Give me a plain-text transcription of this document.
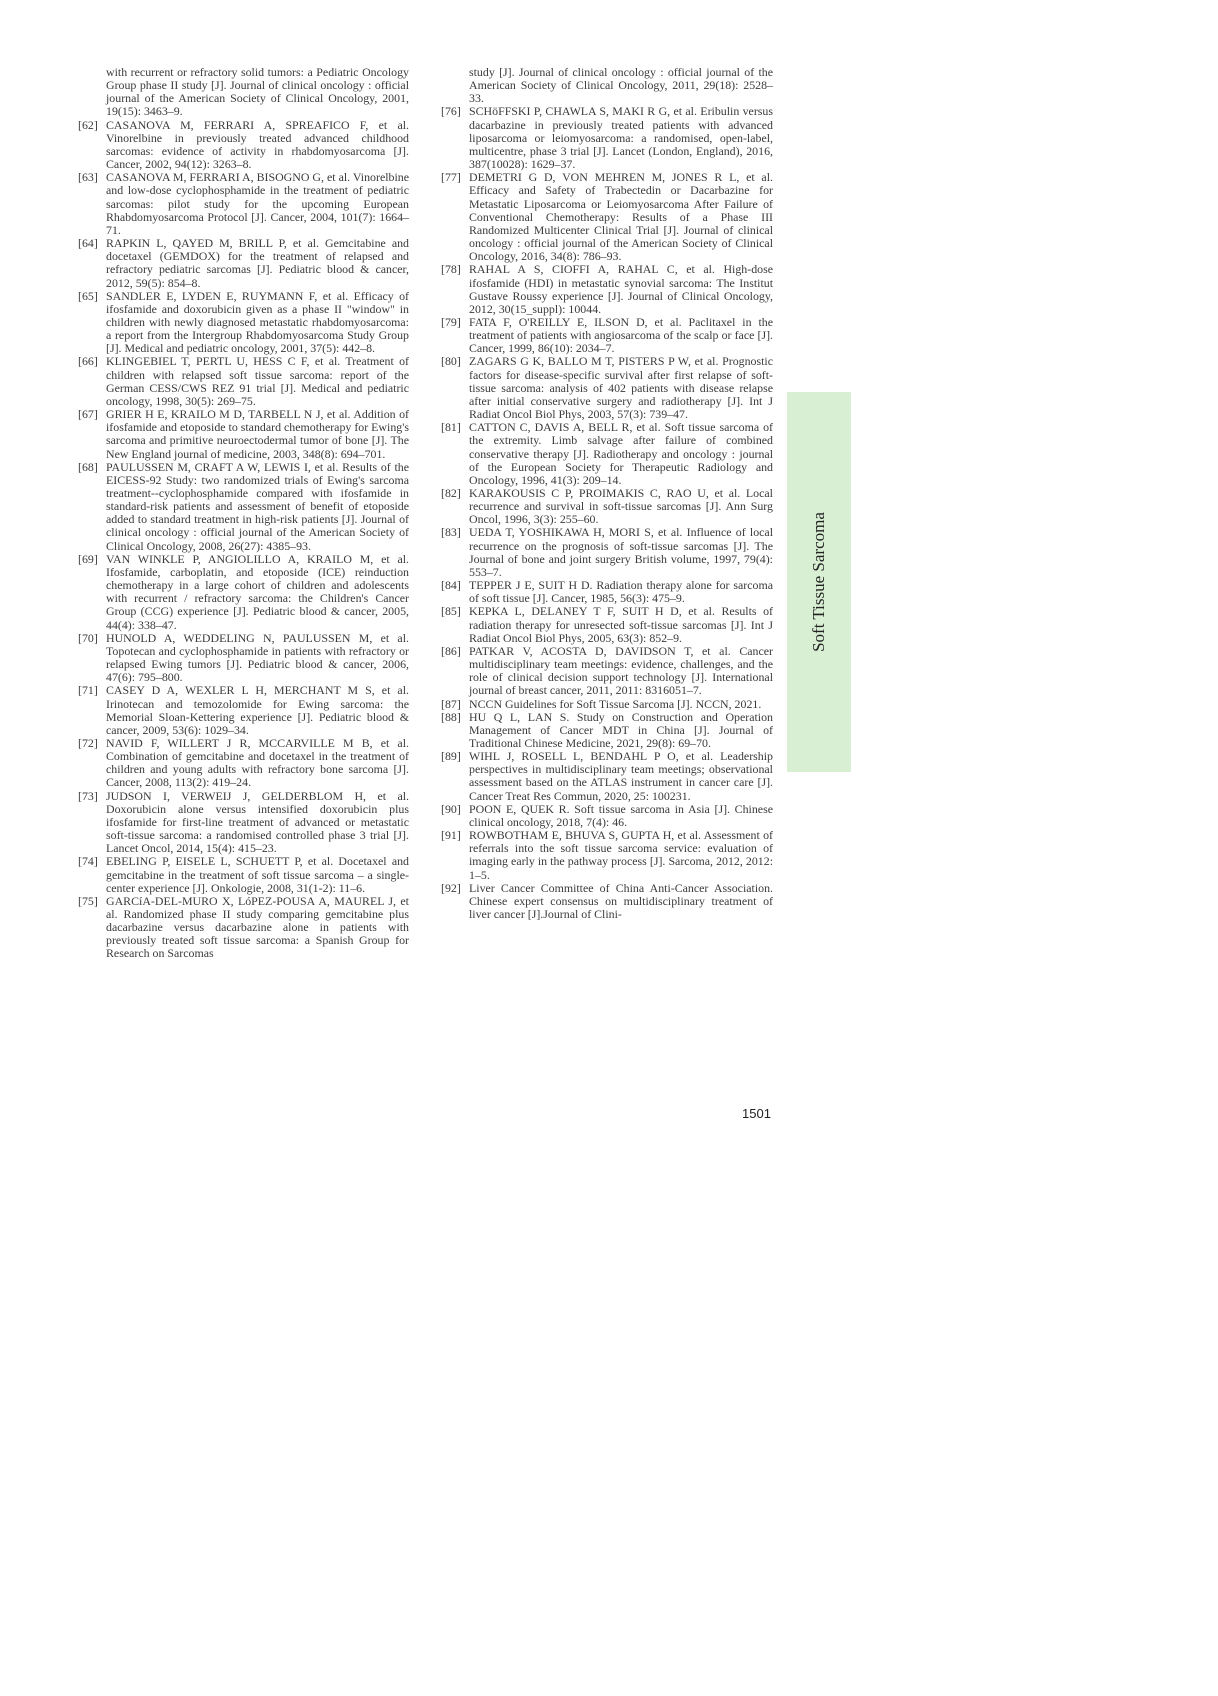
with recurrent or refractory solid tumors: a Pediatric Oncology Group phase II study [J]. Journal of clinical oncology : official journal of the American Society of Clinical Oncology, 2001, 19(15): 3463–9.
[62] CASANOVA M, FERRARI A, SPREAFICO F, et al. Vinorelbine in previously treated advanced childhood sarcomas: evidence of activity in rhabdomyosarcoma [J]. Cancer, 2002, 94(12): 3263–8.
[63] CASANOVA M, FERRARI A, BISOGNO G, et al. Vinorelbine and low-dose cyclophosphamide in the treatment of pediatric sarcomas: pilot study for the upcoming European Rhabdomyosarcoma Protocol [J]. Cancer, 2004, 101(7): 1664–71.
[64] RAPKIN L, QAYED M, BRILL P, et al. Gemcitabine and docetaxel (GEMDOX) for the treatment of relapsed and refractory pediatric sarcomas [J]. Pediatric blood & cancer, 2012, 59(5): 854–8.
[65] SANDLER E, LYDEN E, RUYMANN F, et al. Efficacy of ifosfamide and doxorubicin given as a phase II "window" in children with newly diagnosed metastatic rhabdomyosarcoma: a report from the Intergroup Rhabdomyosarcoma Study Group [J]. Medical and pediatric oncology, 2001, 37(5): 442–8.
[66] KLINGEBIEL T, PERTL U, HESS C F, et al. Treatment of children with relapsed soft tissue sarcoma: report of the German CESS/CWS REZ 91 trial [J]. Medical and pediatric oncology, 1998, 30(5): 269–75.
[67] GRIER H E, KRAILO M D, TARBELL N J, et al. Addition of ifosfamide and etoposide to standard chemotherapy for Ewing's sarcoma and primitive neuroectodermal tumor of bone [J]. The New England journal of medicine, 2003, 348(8): 694–701.
[68] PAULUSSEN M, CRAFT A W, LEWIS I, et al. Results of the EICESS-92 Study: two randomized trials of Ewing's sarcoma treatment--cyclophosphamide compared with ifosfamide in standard-risk patients and assessment of benefit of etoposide added to standard treatment in high-risk patients [J]. Journal of clinical oncology : official journal of the American Society of Clinical Oncology, 2008, 26(27): 4385–93.
[69] VAN WINKLE P, ANGIOLILLO A, KRAILO M, et al. Ifosfamide, carboplatin, and etoposide (ICE) reinduction chemotherapy in a large cohort of children and adolescents with recurrent / refractory sarcoma: the Children's Cancer Group (CCG) experience [J]. Pediatric blood & cancer, 2005, 44(4): 338–47.
[70] HUNOLD A, WEDDELING N, PAULUSSEN M, et al. Topotecan and cyclophosphamide in patients with refractory or relapsed Ewing tumors [J]. Pediatric blood & cancer, 2006, 47(6): 795–800.
[71] CASEY D A, WEXLER L H, MERCHANT M S, et al. Irinotecan and temozolomide for Ewing sarcoma: the Memorial Sloan-Kettering experience [J]. Pediatric blood & cancer, 2009, 53(6): 1029–34.
[72] NAVID F, WILLERT J R, MCCARVILLE M B, et al. Combination of gemcitabine and docetaxel in the treatment of children and young adults with refractory bone sarcoma [J]. Cancer, 2008, 113(2): 419–24.
[73] JUDSON I, VERWEIJ J, GELDERBLOM H, et al. Doxorubicin alone versus intensified doxorubicin plus ifosfamide for first-line treatment of advanced or metastatic soft-tissue sarcoma: a randomised controlled phase 3 trial [J]. Lancet Oncol, 2014, 15(4): 415–23.
[74] EBELING P, EISELE L, SCHUETT P, et al. Docetaxel and gemcitabine in the treatment of soft tissue sarcoma – a single-center experience [J]. Onkologie, 2008, 31(1-2): 11–6.
[75] GARCíA-DEL-MURO X, LóPEZ-POUSA A, MAUREL J, et al. Randomized phase II study comparing gemcitabine plus dacarbazine versus dacarbazine alone in patients with previously treated soft tissue sarcoma: a Spanish Group for Research on Sarcomas
study [J]. Journal of clinical oncology : official journal of the American Society of Clinical Oncology, 2011, 29(18): 2528–33.
[76] SCHöFFSKI P, CHAWLA S, MAKI R G, et al. Eribulin versus dacarbazine in previously treated patients with advanced liposarcoma or leiomyosarcoma: a randomised, open-label, multicentre, phase 3 trial [J]. Lancet (London, England), 2016, 387(10028): 1629–37.
[77] DEMETRI G D, VON MEHREN M, JONES R L, et al. Efficacy and Safety of Trabectedin or Dacarbazine for Metastatic Liposarcoma or Leiomyosarcoma After Failure of Conventional Chemotherapy: Results of a Phase III Randomized Multicenter Clinical Trial [J]. Journal of clinical oncology : official journal of the American Society of Clinical Oncology, 2016, 34(8): 786–93.
[78] RAHAL A S, CIOFFI A, RAHAL C, et al. High-dose ifosfamide (HDI) in metastatic synovial sarcoma: The Institut Gustave Roussy experience [J]. Journal of Clinical Oncology, 2012, 30(15_suppl): 10044.
[79] FATA F, O'REILLY E, ILSON D, et al. Paclitaxel in the treatment of patients with angiosarcoma of the scalp or face [J]. Cancer, 1999, 86(10): 2034–7.
[80] ZAGARS G K, BALLO M T, PISTERS P W, et al. Prognostic factors for disease-specific survival after first relapse of soft-tissue sarcoma: analysis of 402 patients with disease relapse after initial conservative surgery and radiotherapy [J]. Int J Radiat Oncol Biol Phys, 2003, 57(3): 739–47.
[81] CATTON C, DAVIS A, BELL R, et al. Soft tissue sarcoma of the extremity. Limb salvage after failure of combined conservative therapy [J]. Radiotherapy and oncology : journal of the European Society for Therapeutic Radiology and Oncology, 1996, 41(3): 209–14.
[82] KARAKOUSIS C P, PROIMAKIS C, RAO U, et al. Local recurrence and survival in soft-tissue sarcomas [J]. Ann Surg Oncol, 1996, 3(3): 255–60.
[83] UEDA T, YOSHIKAWA H, MORI S, et al. Influence of local recurrence on the prognosis of soft-tissue sarcomas [J]. The Journal of bone and joint surgery British volume, 1997, 79(4): 553–7.
[84] TEPPER J E, SUIT H D. Radiation therapy alone for sarcoma of soft tissue [J]. Cancer, 1985, 56(3): 475–9.
[85] KEPKA L, DELANEY T F, SUIT H D, et al. Results of radiation therapy for unresected soft-tissue sarcomas [J]. Int J Radiat Oncol Biol Phys, 2005, 63(3): 852–9.
[86] PATKAR V, ACOSTA D, DAVIDSON T, et al. Cancer multidisciplinary team meetings: evidence, challenges, and the role of clinical decision support technology [J]. International journal of breast cancer, 2011, 2011: 8316051–7.
[87] NCCN Guidelines for Soft Tissue Sarcoma [J]. NCCN, 2021.
[88] HU Q L, LAN S. Study on Construction and Operation Management of Cancer MDT in China [J]. Journal of Traditional Chinese Medicine, 2021, 29(8): 69–70.
[89] WIHL J, ROSELL L, BENDAHL P O, et al. Leadership perspectives in multidisciplinary team meetings; observational assessment based on the ATLAS instrument in cancer care [J]. Cancer Treat Res Commun, 2020, 25: 100231.
[90] POON E, QUEK R. Soft tissue sarcoma in Asia [J]. Chinese clinical oncology, 2018, 7(4): 46.
[91] ROWBOTHAM E, BHUVA S, GUPTA H, et al. Assessment of referrals into the soft tissue sarcoma service: evaluation of imaging early in the pathway process [J]. Sarcoma, 2012, 2012: 1–5.
[92] Liver Cancer Committee of China Anti-Cancer Association. Chinese expert consensus on multidisciplinary treatment of liver cancer [J].Journal of Clini-
Soft Tissue Sarcoma
1501
